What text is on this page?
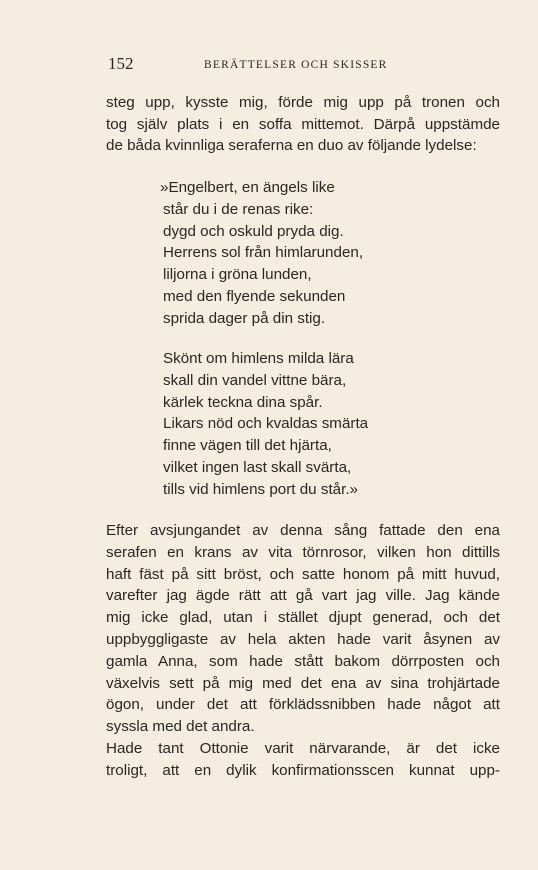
152	BERÄTTELSER OCH SKISSER
steg upp, kysste mig, förde mig upp på tronen och
tog själv plats i en soffa mittemot. Därpå uppstämde
de båda kvinnliga seraferna en duo av följande lydelse:
»Engelbert, en ängels like
står du i de renas rike:
dygd och oskuld pryda dig.
Herrens sol från himlarunden,
liljorna i gröna lunden,
med den flyende sekunden
sprida dager på din stig.
Skönt om himlens milda lära
skall din vandel vittne bära,
kärlek teckna dina spår.
Likars nöd och kvaldas smärta
finne vägen till det hjärta,
vilket ingen last skall svärta,
tills vid himlens port du står.»
Efter avsjungandet av denna sång fattade den ena
serafen en krans av vita törnrosor, vilken hon dittills
haft fäst på sitt bröst, och satte honom på mitt huvud,
varefter jag ägde rätt att gå vart jag ville. Jag kände
mig icke glad, utan i stället djupt generad, och det
uppbyggligaste av hela akten hade varit åsynen av
gamla Anna, som hade stått bakom dörrposten och
växelvis sett på mig med det ena av sina trohjärtade
ögon, under det att förklädssnibben hade något att
syssla med det andra.
Hade tant Ottonie varit närvarande, är det icke
troligt, att en dylik konfirmationsscen kunnat upp-
